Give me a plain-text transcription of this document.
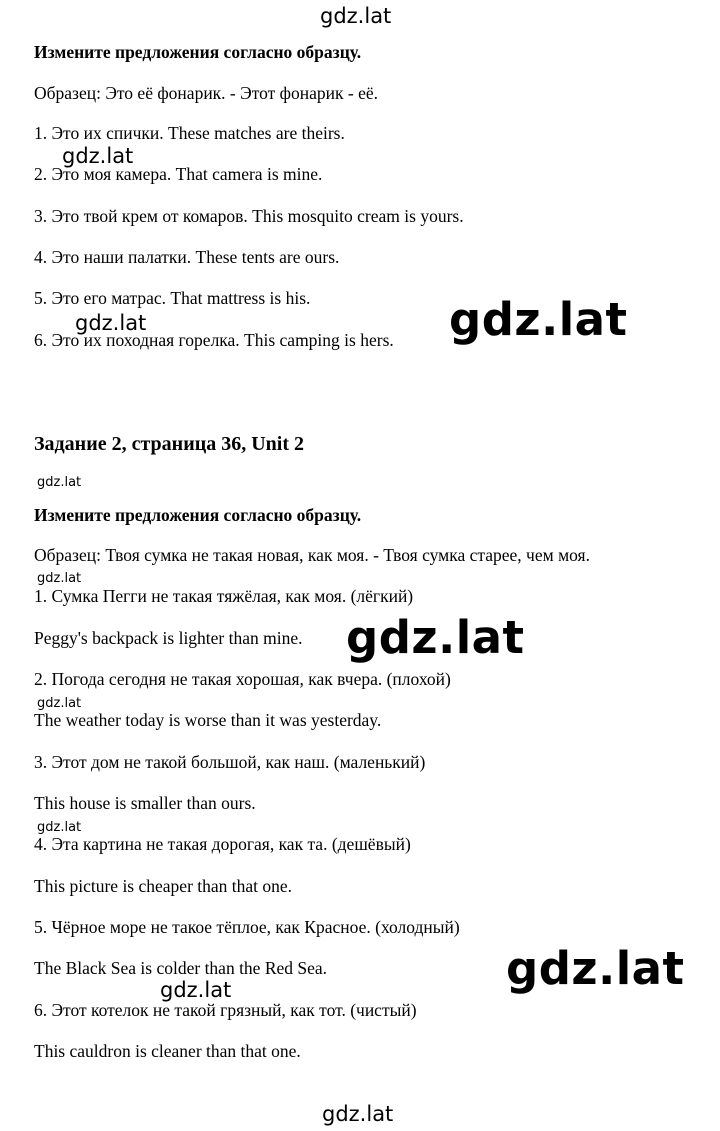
Измените предложения согласно образцу.
Образец: Это её фонарик. - Этот фонарик - её.
1. Это их спички. These matches are theirs.
2. Это моя камера. That camera is mine.
3. Это твой крем от комаров. This mosquito cream is yours.
4. Это наши палатки. These tents are ours.
5. Это его матрас. That mattress is his.
6. Это их походная горелка. This camping is hers.
Задание 2, страница 36, Unit 2
Измените предложения согласно образцу.
Образец: Твоя сумка не такая новая, как моя. - Твоя сумка старее, чем моя.
1. Сумка Пегги не такая тяжёлая, как моя. (лёгкий)
Peggy's backpack is lighter than mine.
2. Погода сегодня не такая хорошая, как вчера. (плохой)
The weather today is worse than it was yesterday.
3. Этот дом не такой большой, как наш. (маленький)
This house is smaller than ours.
4. Эта картина не такая дорогая, как та. (дешёвый)
This picture is cheaper than that one.
5. Чёрное море не такое тёплое, как Красное. (холодный)
The Black Sea is colder than the Red Sea.
6. Этот котелок не такой грязный, как тот. (чистый)
This cauldron is cleaner than that one.
gdz.lat
gdz.lat
gdz.lat
gdz.lat
gdz.lat
gdz.lat
gdz.lat
gdz.lat
gdz.lat
gdz.lat
gdz.lat
gdz.lat
